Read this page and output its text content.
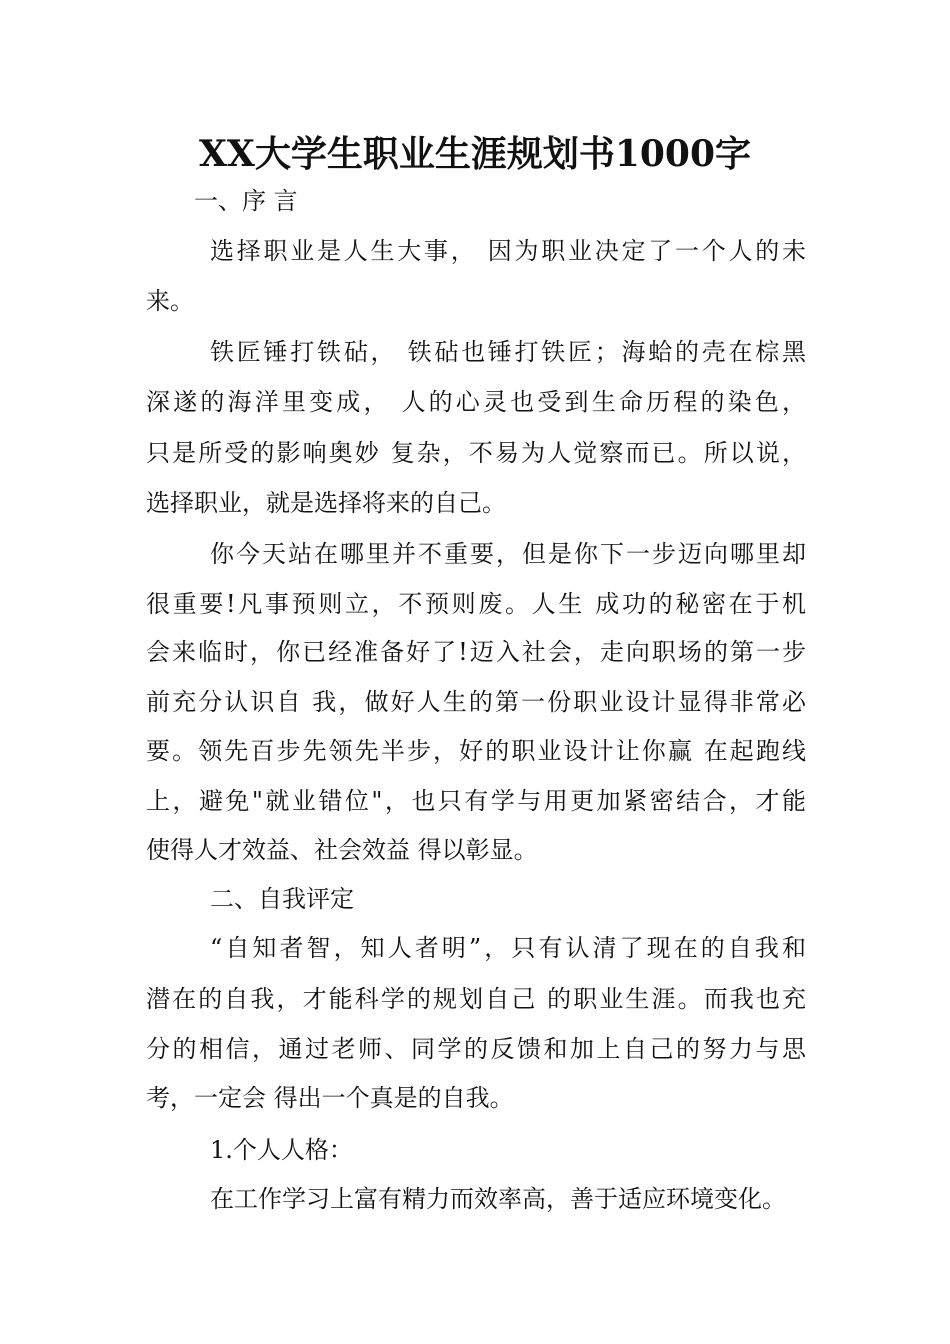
XX大学生职业生涯规划书1000字
一、序 言
选择职业是人生大事， 因为职业决定了一个人的未
来。
铁匠锤打铁砧， 铁砧也锤打铁匠；海蛤的壳在棕黑
深遂的海洋里变成， 人的心灵也受到生命历程的染色，
只是所受的影响奥妙 复杂，不易为人觉察而已。所以说，
选择职业，就是选择将来的自己。
你今天站在哪里并不重要，但是你下一步迈向哪里却
很重要!凡事预则立，不预则废。人生 成功的秘密在于机
会来临时，你已经准备好了!迈入社会，走向职场的第一步
前充分认识自 我，做好人生的第一份职业设计显得非常必
要。领先百步先领先半步，好的职业设计让你赢 在起跑线
上，避免"就业错位"，也只有学与用更加紧密结合，才能
使得人才效益、社会效益 得以彰显。
二、自我评定
“自知者智，知人者明”，只有认清了现在的自我和
潜在的自我，才能科学的规划自己 的职业生涯。而我也充
分的相信，通过老师、同学的反馈和加上自己的努力与思
考，一定会 得出一个真是的自我。
1.个人人格：
在工作学习上富有精力而效率高，善于适应环境变化。
